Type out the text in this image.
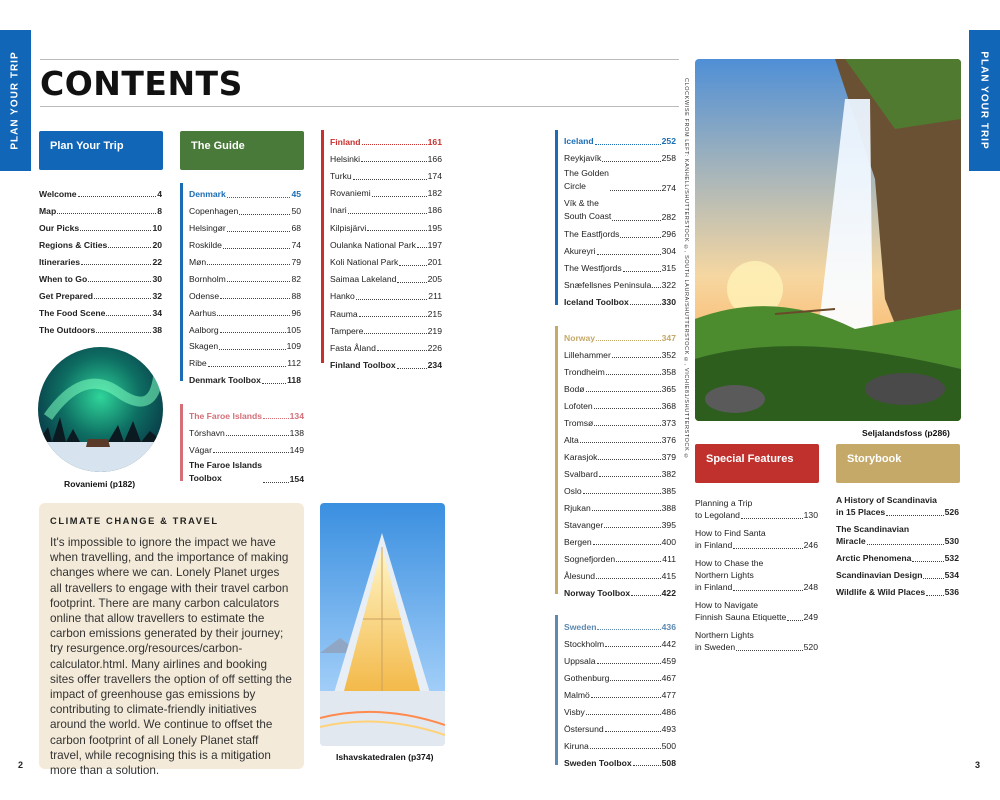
PLAN YOUR TRIP	PLAN YOUR TRIP
CONTENTS
Plan Your Trip	The Guide
Welcome	4
Map	8
Our Picks	10
Regions & Cities	20
Itineraries	22
When to Go	30
Get Prepared	32
The Food Scene	34
The Outdoors	38
Rovaniemi (p182)
Denmark	45
Copenhagen	50
Helsingør	68
Roskilde	74
Møn	79
Bornholm	82
Odense	88
Aarhus	96
Aalborg	105
Skagen	109
Ribe	112
Denmark Toolbox	118
The Faroe Islands	134
Tórshavn	138
Vágar	149
The Faroe Islands
Toolbox	154
Finland	161
Helsinki	166
Turku	174
Rovaniemi	182
Inari	186
Kilpisjärvi	195
Oulanka National Park 197
Koli National Park	201
Saimaa Lakeland	205
Hanko	211
Rauma	215
Tampere	219
Fasta Åland	226
Finland Toolbox	234
Iceland	252
Reykjavík	258
The Golden
Circle	274
Vík & the
South Coast	282
The Eastfjords	296
Akureyri	304
The Westfjords	315
Snæfellsnes Peninsula 322
Iceland Toolbox	330
Norway	347
Lillehammer	352
Trondheim	358
Bodø	365
Lofoten	368
Tromsø	373
Alta	376
Karasjok	379
Svalbard	382
Oslo	385
Rjukan	388
Stavanger	395
Bergen	400
Sognefjorden	411
Ålesund	415
Norway Toolbox	422
Sweden	436
Stockholm	442
Uppsala	459
Gothenburg	467
Malmö	477
Visby	486
Östersund	493
Kiruna	500
Sweden Toolbox	508
CLIMATE CHANGE & TRAVEL

It's impossible to ignore the impact we have when travelling, and the importance of making changes where we can. Lonely Planet urges all travellers to engage with their travel carbon footprint. There are many carbon calculators online that allow travellers to estimate the carbon emissions generated by their journey; try resurgence.org/resources/carbon-calculator.html. Many airlines and booking sites offer travellers the option of off setting the impact of greenhouse gas emissions by contributing to climate-friendly initiatives around the world. We continue to offset the carbon footprint of all Lonely Planet staff travel, while recognising this is a mitigation more than a solution.

Ishavskatedralen (p374)
CLOCKWISE FROM LEFT: KANHELL/SHUTTERSTOCK ©, SOUTH LAURA/SHUTTERSTOCK ©, VICHIE81/SHUTTERSTOCK ©	Seljalandsfoss (p286)
Special Features	Storybook
Planning a Trip
to Legoland	130
How to Find Santa
in Finland	246
How to Chase the
Northern Lights
in Finland	248
How to Navigate
Finnish Sauna Etiquette 249
Northern Lights
in Sweden	520
A History of Scandinavia
in 15 Places	526
The Scandinavian
Miracle	530
Arctic Phenomena	532
Scandinavian Design	534
Wildlife & Wild Places 536
2	3
